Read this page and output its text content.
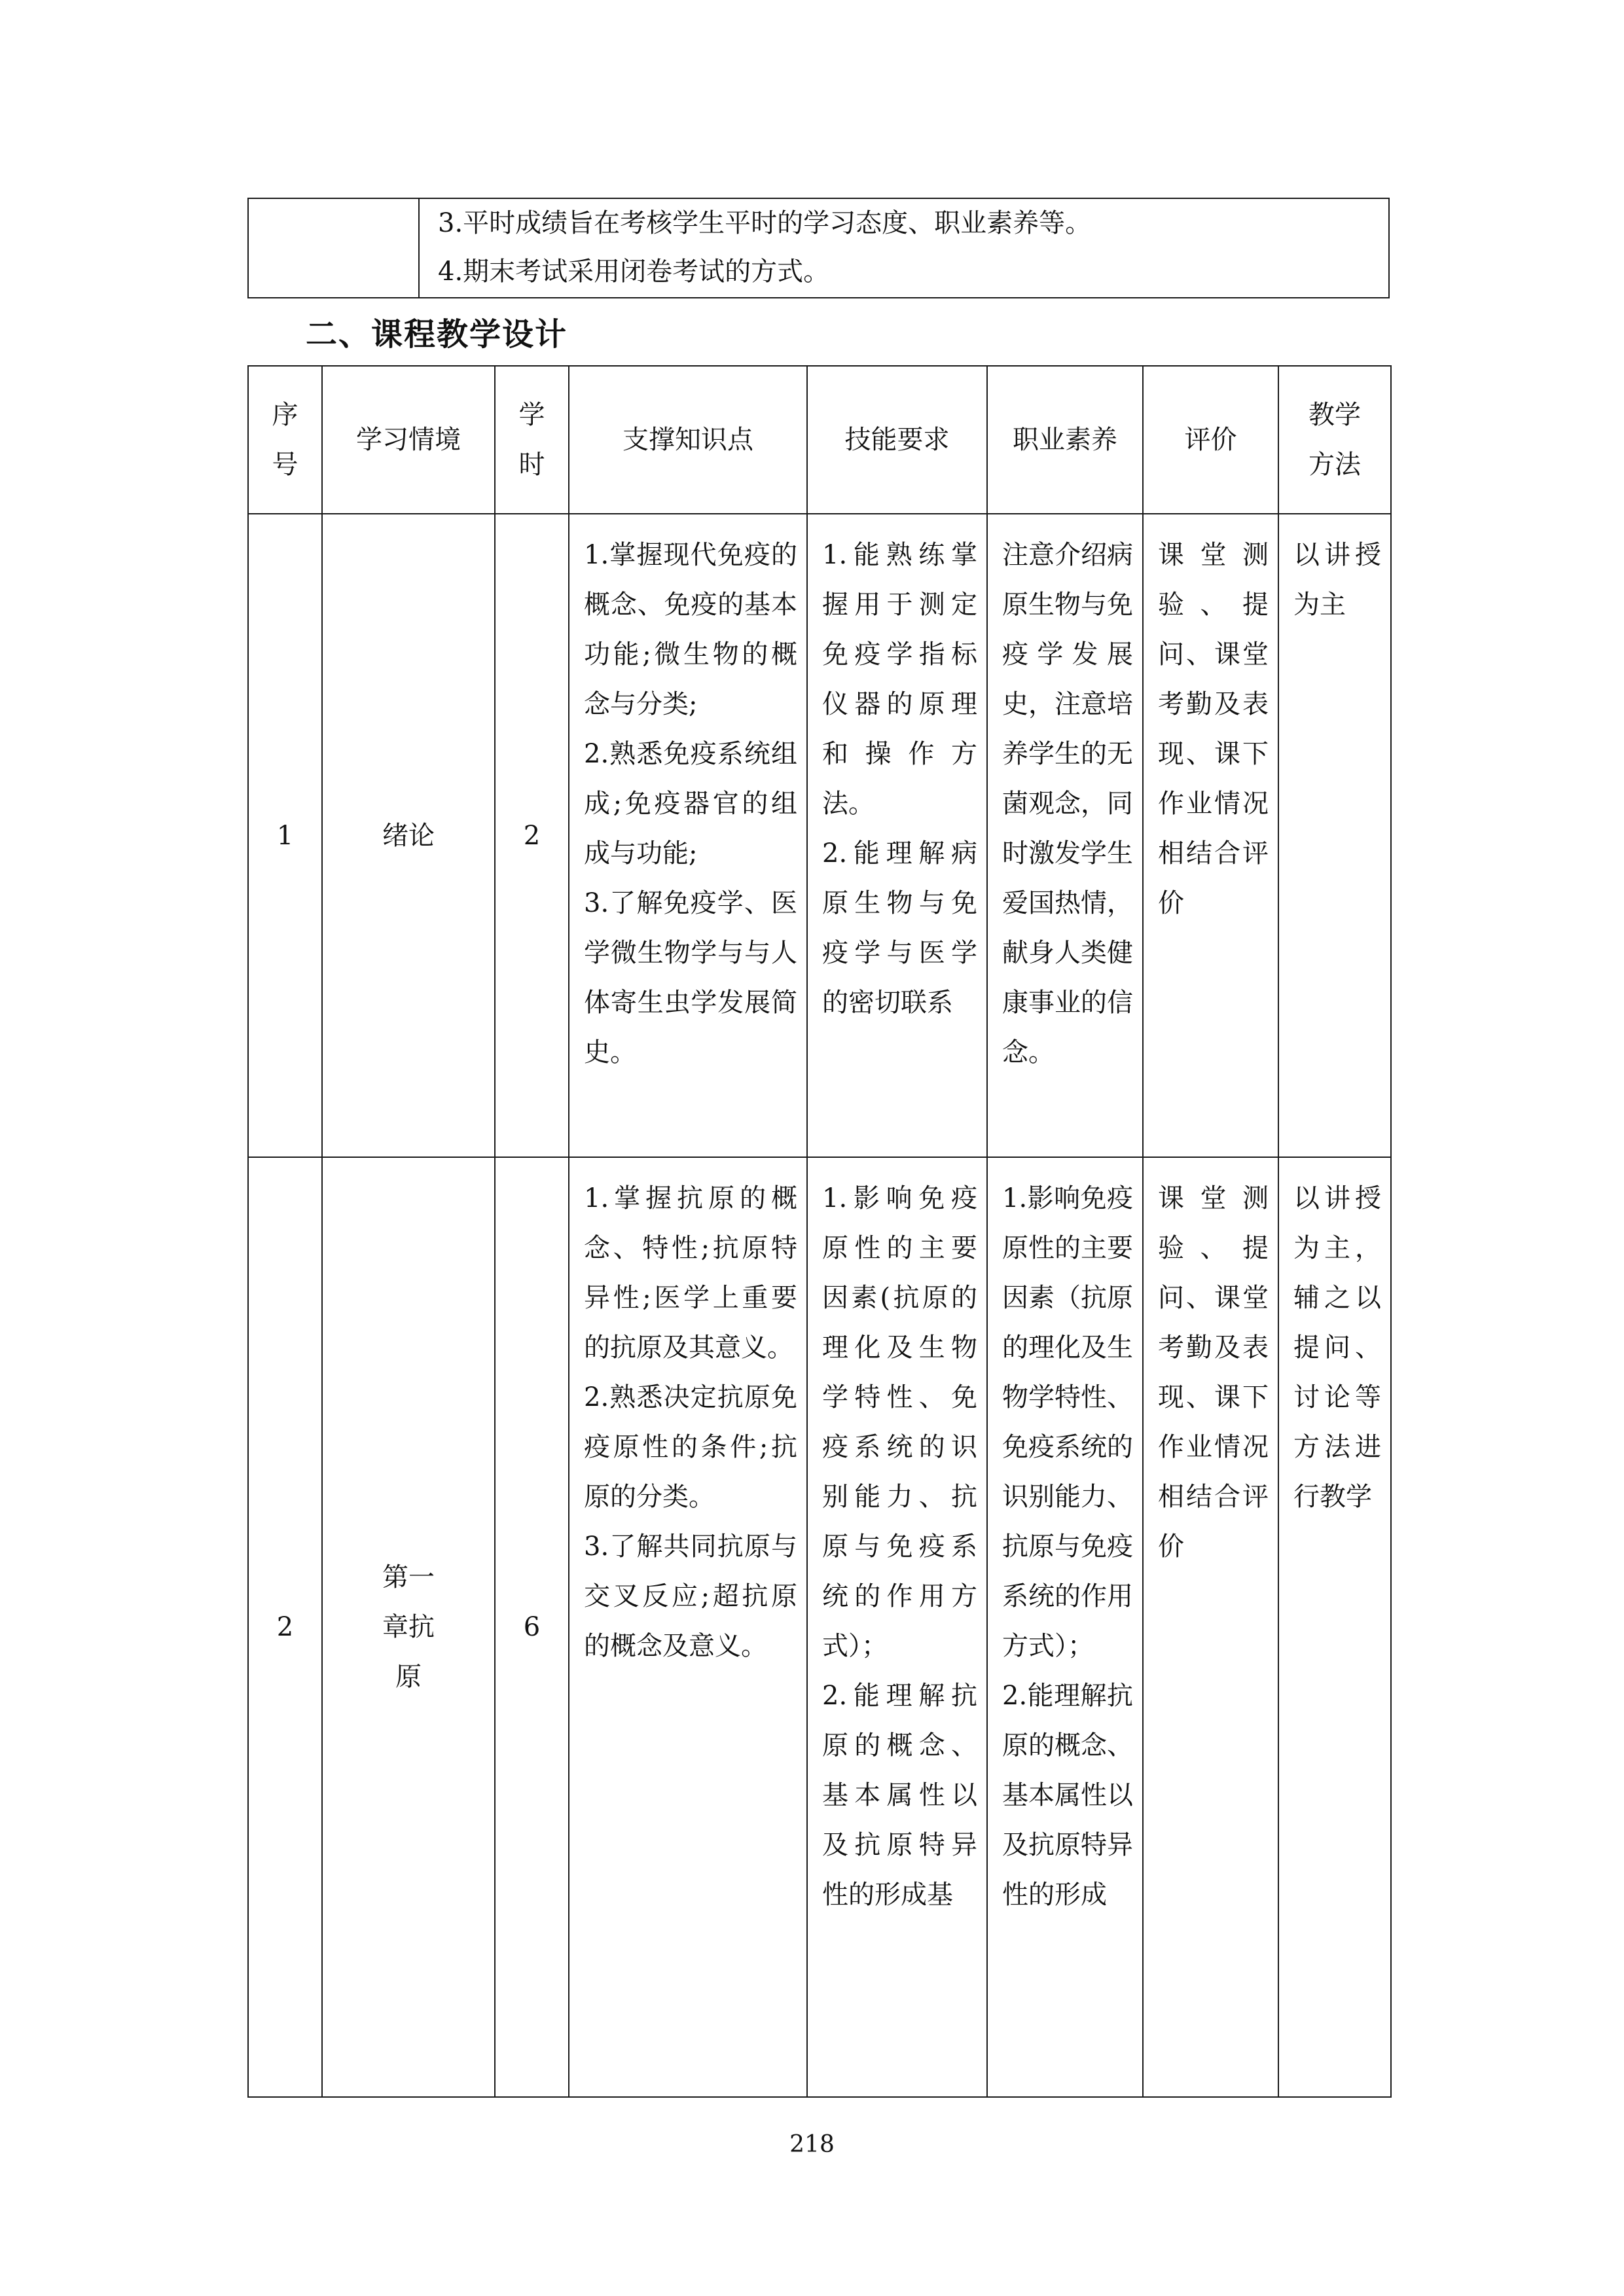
3.平时成绩旨在考核学生平时的学习态度、职业素养等。
4.期末考试采用闭卷考试的方式。
二、课程教学设计
序号	学习情境	学时	支撑知识点	技能要求	职业素养	评价	教学方法

1	绪论	2	1.掌握现代免疫的概念、免疫的基本功能;微生物的概念与分类;
2.熟悉免疫系统组成;免疫器官的组成与功能;
3.了解免疫学、医学微生物学与与人体寄生虫学发展简史。	1.能熟练掌握用于测定免疫学指标仪器的原理和操作方法。
2.能理解病原生物与免疫学与医学的密切联系	注意介绍病原生物与免疫学发展史，注意培养学生的无菌观念，同时激发学生爱国热情，献身人类健康事业的信念。	课堂测验、提问、课堂考勤及表现、课下作业情况相结合评价	以讲授为主

2	第一章抗原	6	1.掌握抗原的概念、特性;抗原特异性;医学上重要的抗原及其意义。
2.熟悉决定抗原免疫原性的条件;抗原的分类。
3.了解共同抗原与交叉反应;超抗原的概念及意义。	1.影响免疫原性的主要因素(抗原的理化及生物学特性、免疫系统的识别能力、抗原与免疫系统的作用方式）；
2.能理解抗原的概念、基本属性以及抗原特异性的形成基	1.影响免疫原性的主要因素（抗原的理化及生物学特性、免疫系统的识别能力、抗原与免疫系统的作用方式）；
2.能理解抗原的概念、基本属性以及抗原特异性的形成	课堂测验、提问、课堂考勤及表现、课下作业情况相结合评价	以讲授为主，辅之以提问、讨论等方法进行教学
218
